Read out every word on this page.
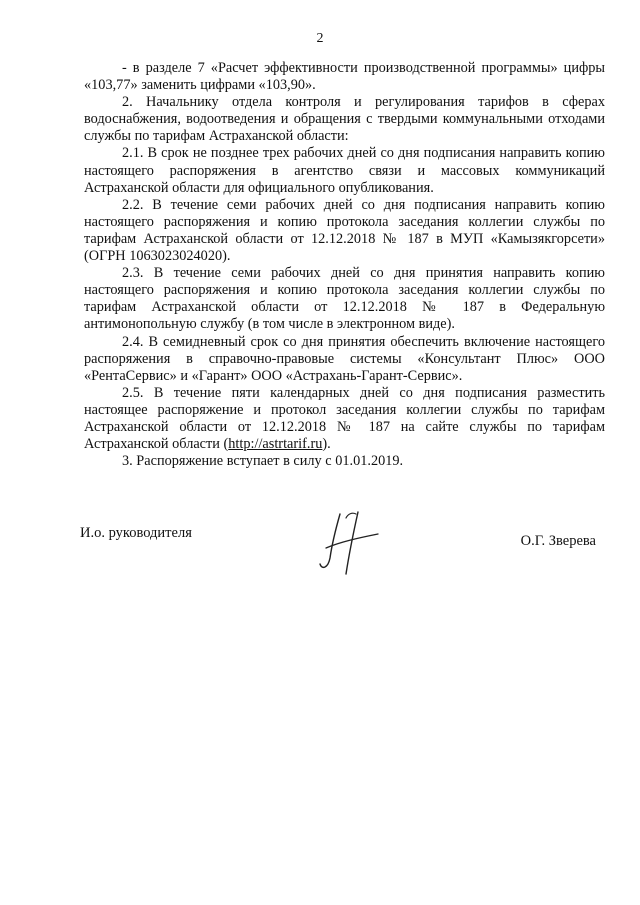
2

- в разделе 7 «Расчет эффективности производственной программы» цифры «103,77» заменить цифрами «103,90».

2. Начальнику отдела контроля и регулирования тарифов в сферах водоснабжения, водоотведения и обращения с твердыми коммунальными отходами службы по тарифам Астраханской области:

2.1. В срок не позднее трех рабочих дней со дня подписания направить копию настоящего распоряжения в агентство связи и массовых коммуникаций Астраханской области для официального опубликования.

2.2. В течение семи рабочих дней со дня подписания направить копию настоящего распоряжения и копию протокола заседания коллегии службы по тарифам Астраханской области от 12.12.2018 № 187 в МУП «Камызякгорсети» (ОГРН 1063023024020).

2.3. В течение семи рабочих дней со дня принятия направить копию настоящего распоряжения и копию протокола заседания коллегии службы по тарифам Астраханской области от 12.12.2018 № 187 в Федеральную антимонопольную службу (в том числе в электронном виде).

2.4. В семидневный срок со дня принятия обеспечить включение настоящего распоряжения в справочно-правовые системы «Консультант Плюс» ООО «РентаСервис» и «Гарант» ООО «Астрахань-Гарант-Сервис».

2.5. В течение пяти календарных дней со дня подписания разместить настоящее распоряжение и протокол заседания коллегии службы по тарифам Астраханской области от 12.12.2018 № 187 на сайте службы по тарифам Астраханской области (http://astrtarif.ru).

3. Распоряжение вступает в силу с 01.01.2019.

И.о. руководителя	О.Г. Зверева
